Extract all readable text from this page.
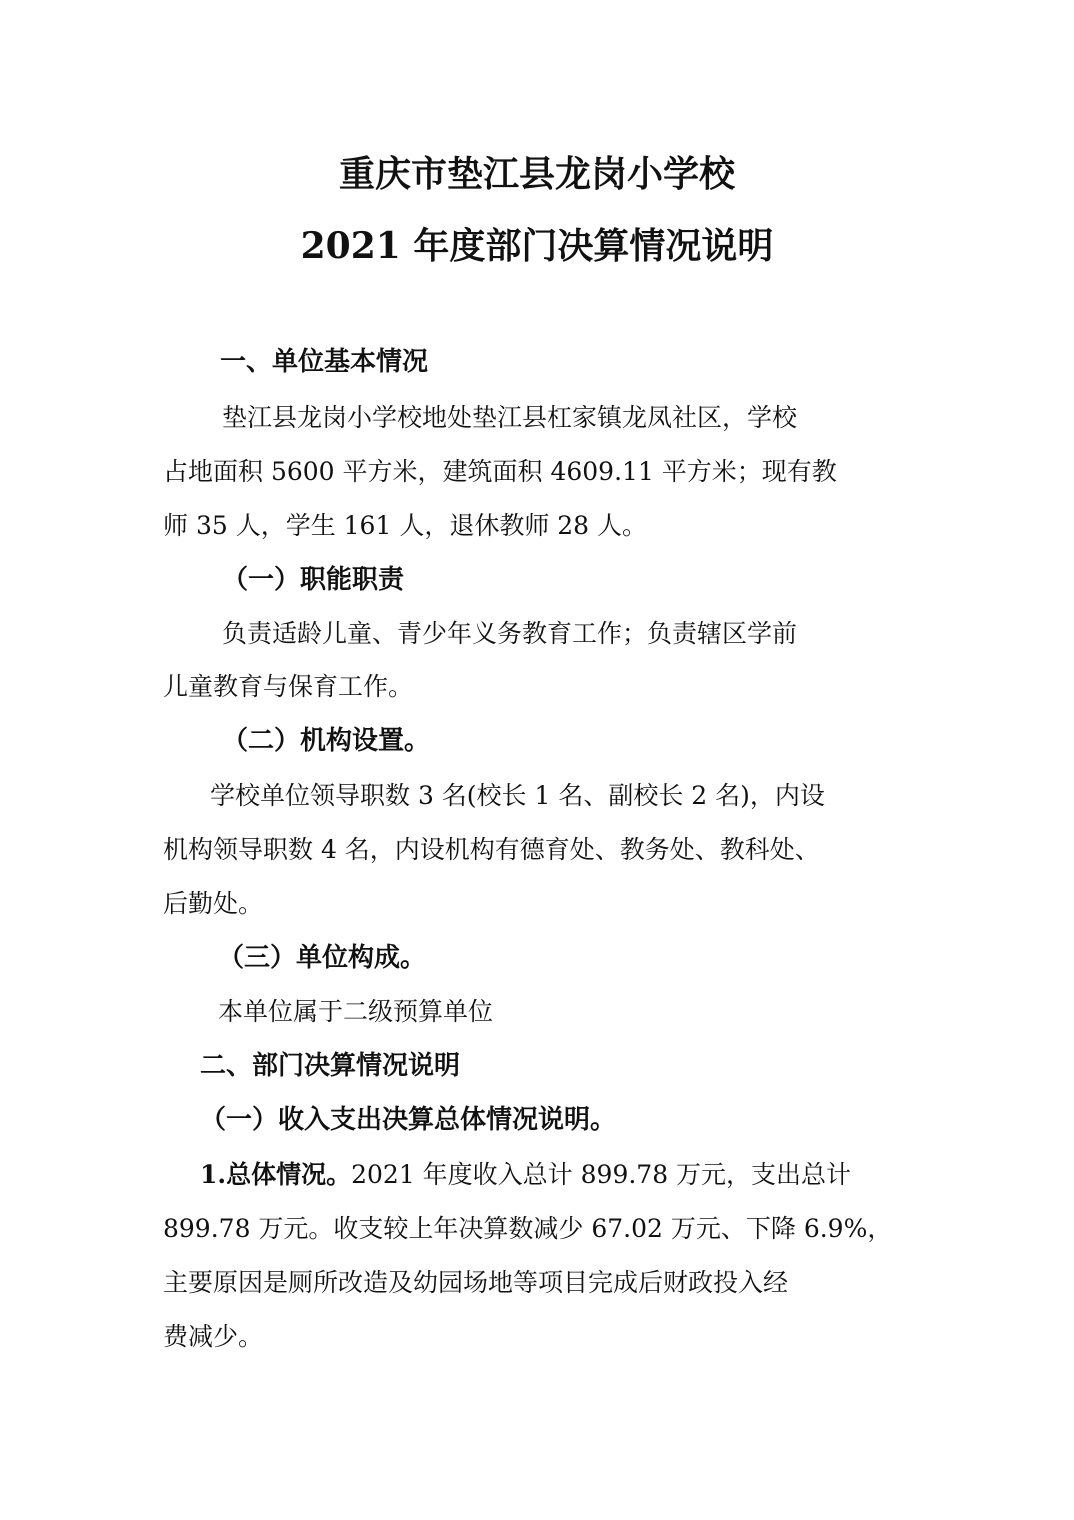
重庆市垫江县龙岗小学校
2021 年度部门决算情况说明
一、单位基本情况
垫江县龙岗小学校地处垫江县杠家镇龙凤社区，学校
占地面积 5600 平方米，建筑面积 4609.11 平方米；现有教
师 35 人，学生 161 人，退休教师 28 人。
（一）职能职责
负责适龄儿童、青少年义务教育工作；负责辖区学前
儿童教育与保育工作。
（二）机构设置。
学校单位领导职数 3 名(校长 1 名、副校长 2 名)，内设
机构领导职数 4 名，内设机构有德育处、教务处、教科处、
后勤处。
（三）单位构成。
本单位属于二级预算单位
二、部门决算情况说明
（一）收入支出决算总体情况说明。
1.总体情况。2021 年度收入总计 899.78 万元，支出总计
899.78 万元。收支较上年决算数减少 67.02 万元、下降 6.9%，
主要原因是厕所改造及幼园场地等项目完成后财政投入经
费减少。
